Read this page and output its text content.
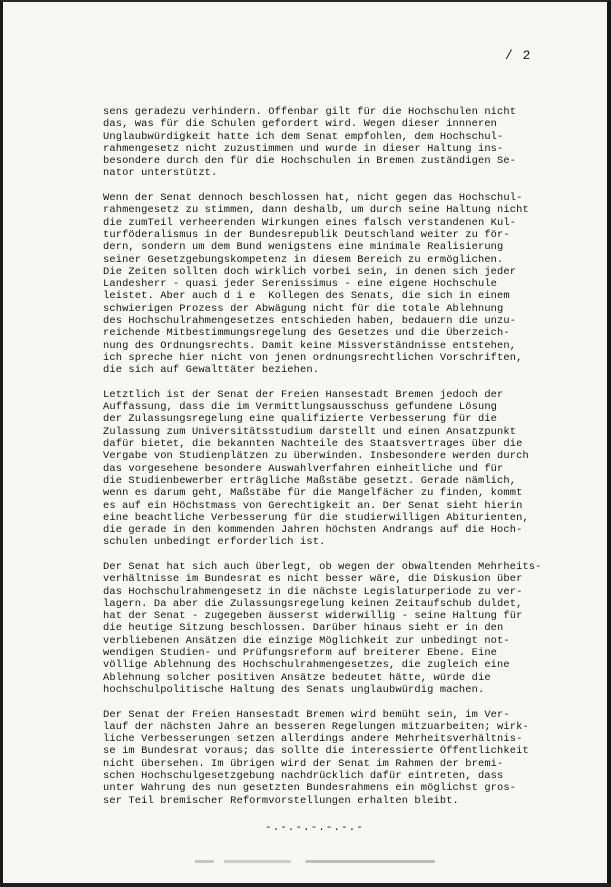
/ 2
sens geradezu verhindern. Offenbar gilt für die Hochschulen nicht
das, was für die Schulen gefordert wird. Wegen dieser innneren
Unglaubwürdigkeit hatte ich dem Senat empfohlen, dem Hochschul-
rahmengesetz nicht zuzustimmen und wurde in dieser Haltung ins-
besondere durch den für die Hochschulen in Bremen zuständigen Se-
nator unterstützt.
Wenn der Senat dennoch beschlossen hat, nicht gegen das Hochschul-
rahmengesetz zu stimmen, dann deshalb, um durch seine Haltung nicht
die zumTeil verheerenden Wirkungen eines falsch verstandenen Kul-
turföderalismus in der Bundesrepublik Deutschland weiter zu för-
dern, sondern um dem Bund wenigstens eine minimale Realisierung
seiner Gesetzgebungskompetenz in diesem Bereich zu ermöglichen.
Die Zeiten sollten doch wirklich vorbei sein, in denen sich jeder
Landesherr - quasi jeder Serenissimus - eine eigene Hochschule
leistet. Aber auch d i e  Kollegen des Senats, die sich in einem
schwierigen Prozess der Abwägung nicht für die totale Ablehnung
des Hochschulrahmengesetzes entschieden haben, bedauern die unzu-
reichende Mitbestimmungsregelung des Gesetzes und die Überzeich-
nung des Ordnungsrechts. Damit keine Missverständnisse entstehen,
ich spreche hier nicht von jenen ordnungsrechtlichen Vorschriften,
die sich auf Gewalttäter beziehen.
Letztlich ist der Senat der Freien Hansestadt Bremen jedoch der
Auffassung, dass die im Vermittlungsausschuss gefundene Lösung
der Zulassungsregelung eine qualifizierte Verbesserung für die
Zulassung zum Universitätsstudium darstellt und einen Ansatzpunkt
dafür bietet, die bekannten Nachteile des Staatsvertrages über die
Vergabe von Studienplätzen zu überwinden. Insbesondere werden durch
das vorgesehene besondere Auswahlverfahren einheitliche und für
die Studienbewerber erträgliche Maßstäbe gesetzt. Gerade nämlich,
wenn es darum geht, Maßstäbe für die Mangelfächer zu finden, kommt
es auf ein Höchstmass von Gerechtigkeit an. Der Senat sieht hierin
eine beachtliche Verbesserung für die studierwilligen Abiturienten,
die gerade in den kommenden Jahren höchsten Andrangs auf die Hoch-
schulen unbedingt erforderlich ist.
Der Senat hat sich auch überlegt, ob wegen der obwaltenden Mehrheits-
verhältnisse im Bundesrat es nicht besser wäre, die Diskusion über
das Hochschulrahmengesetz in die nächste Legislaturperiode zu ver-
lagern. Da aber die Zulassungsregelung keinen Zeitaufschub duldet,
hat der Senat - zugegeben äusserst widerwillig - seine Haltung für
die heutige Sitzung beschlossen. Darüber hinaus sieht er in den
verbliebenen Ansätzen die einzige Möglichkeit zur unbedingt not-
wendigen Studien- und Prüfungsreform auf breiterer Ebene. Eine
völlige Ablehnung des Hochschulrahmengesetzes, die zugleich eine
Ablehnung solcher positiven Ansätze bedeutet hätte, würde die
hochschulpolitische Haltung des Senats unglaubwürdig machen.
Der Senat der Freien Hansestadt Bremen wird bemüht sein, im Ver-
lauf der nächsten Jahre an besseren Regelungen mitzuarbeiten; wirk-
liche Verbesserungen setzen allerdings andere Mehrheitsverhältnis-
se im Bundesrat voraus; das sollte die interessierte Öffentlichkeit
nicht übersehen. Im übrigen wird der Senat im Rahmen der bremi-
schen Hochschulgesetzgebung nachdrücklich dafür eintreten, dass
unter Wahrung des nun gesetzten Bundesrahmens ein möglichst gros-
ser Teil bremischer Reformvorstellungen erhalten bleibt.
-.-.-.-.-.-.-
